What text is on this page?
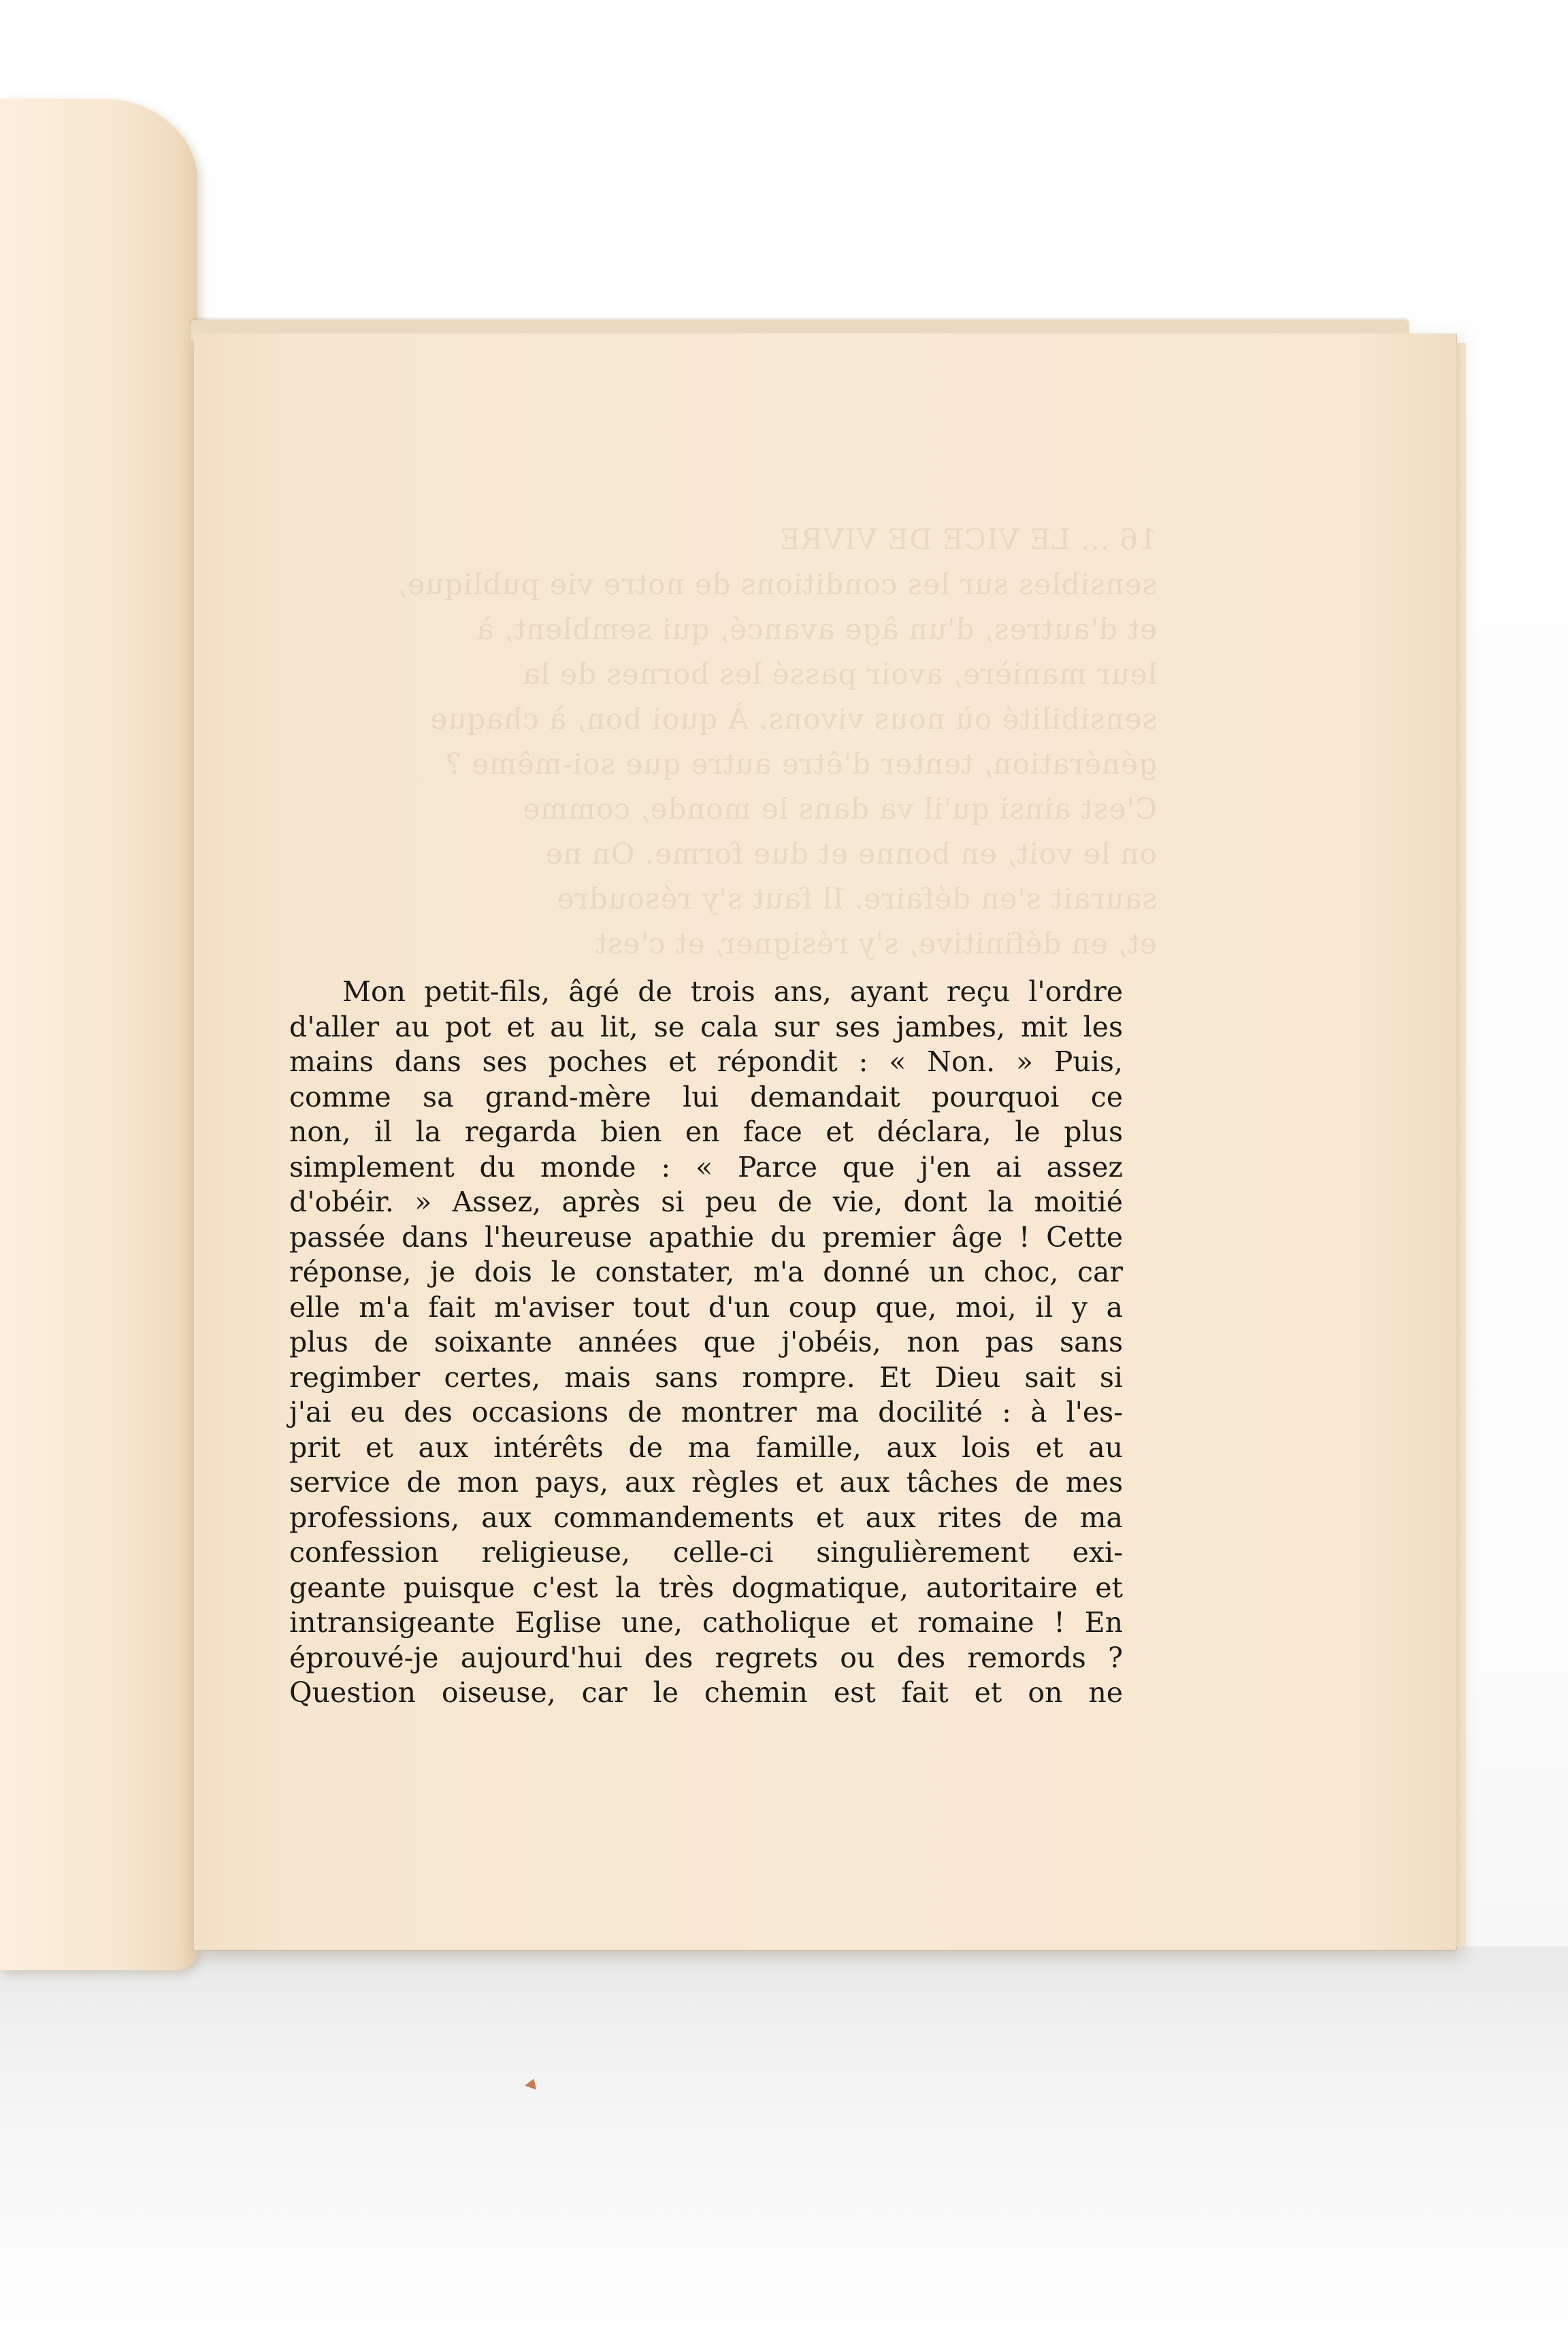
16 ... LE VICE DE VIVRE
sensibles sur les conditions de notre vie publique,
et d'autres, d'un âge avancé, qui semblent, à
leur manière, avoir passé les bornes de la
sensibilité où nous vivons. À quoi bon, à chaque
génération, tenter d'être autre que soi-même ?
C'est ainsi qu'il va dans le monde, comme
on le voit, en bonne et due forme. On ne
saurait s'en défaire. Il faut s'y résoudre
et, en définitive, s'y résigner, et c'est
Mon petit-fils, âgé de trois ans, ayant reçu l'ordre
d'aller au pot et au lit, se cala sur ses jambes, mit les
mains dans ses poches et répondit : « Non. » Puis,
comme sa grand-mère lui demandait pourquoi ce
non, il la regarda bien en face et déclara, le plus
simplement du monde : « Parce que j'en ai assez
d'obéir. » Assez, après si peu de vie, dont la moitié
passée dans l'heureuse apathie du premier âge ! Cette
réponse, je dois le constater, m'a donné un choc, car
elle m'a fait m'aviser tout d'un coup que, moi, il y a
plus de soixante années que j'obéis, non pas sans
regimber certes, mais sans rompre. Et Dieu sait si
j'ai eu des occasions de montrer ma docilité : à l'es-
prit et aux intérêts de ma famille, aux lois et au
service de mon pays, aux règles et aux tâches de mes
professions, aux commandements et aux rites de ma
confession religieuse, celle-ci singulièrement exi-
geante puisque c'est la très dogmatique, autoritaire et
intransigeante Eglise une, catholique et romaine ! En
éprouvé-je aujourd'hui des regrets ou des remords ?
Question oiseuse, car le chemin est fait et on ne
